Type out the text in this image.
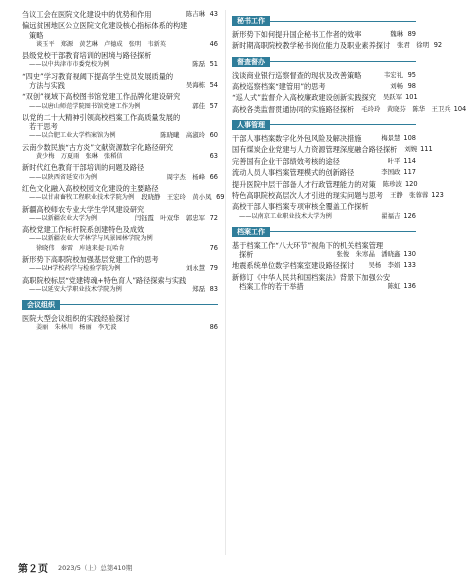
刍议工会在医院文化建设中的优势和作用	陈吉琳 43
偏远贫困地区公立医院文化建设核心指标体系的构建
策略
谈玉平　郑源　黄艺琳　卢德成　张明　韦新英	46
县级党校干部教育培训的困境与路径探析
——以中共津市市委党校为例	陈磊 51
“四史”学习教育视阈下提高学生党员发展质量的
方法与实践	吴海栋 54
“双创”视域下高校图书馆党建工作品牌化建设研究
——以唐山师范学院图书馆党建工作为例	郭佳 57
以党的二十大精神引领高校档案工作高质量发展的
若干思考
——以合肥工业大学档案馆为例	陈晓曦　高淑玲 60
云南少数民族“古方炎”文献资源数字化路径研究
黄少梅　万夏雨　张琳　张稻信	63
新时代红色教育干部培训的问题及路径
——以陕西省延安市为例	周宇杰　杨峰 66
红色文化融入高校校园文化建设的主要路径
——以甘肃畜牧工程职业技术学院为例 段晓静　王宏玲　黄小凤 69
新疆高校师农专业大学生学风建设研究
——以新疆农业大学为例	闫钰霞　叶双华　郭忠军 72
高校党建工作标杆院系创建特色及成效
——以新疆农业大学林学与风景园林学院为例
徐晓伟　秦雷　库迪来提·瓦哈肯	76
新形势下高职院校加强基层党建工作的思考
——以H学校药学与检验学院为例	刘永慧 79
高职院校标层“党建铸魂+特色育人”路径探索与实践
——以延安大学职业技术学院为例	郑磊 83
会议组织
医院大型会议组织的实践经验探讨
姜丽　朱林川　杨丽　李无波	86
秘书工作
新形势下如何提升国企秘书工作者的效率	魏琳 89
新时期高职院校教学秘书岗位能力及职业素养探讨 张君　徐明 92
督查督办
浅谈商业银行巡察督查的现状及改善策略	韦宏礼 95
高校巡察档案“建管用”的思考	刘畅 98
“巡人式”监督介入高校廉政建设创新实践探究 吴跃军 101
高校各类监督贯通协同的实施路径探析 毛玲玲　黄晓芬　陈华　王卫兵 104
人事管理
干部人事档案数字化外包风险及解决措施	梅景慧 108
国有煤炭企业党建与人力资源管理深度融合路径探析 刘婉 111
完善国有企业干部绩效考核的途径	叶平 114
流动人员人事档案管理模式的创新路径	李国政 117
提升医院中层干部备人才行政管理能力的对策 陈珍波 120
特色高职院校高层次人才引进的现实问题与思考 王静　张蓉蓉 123
高校干部人事档案专项审核全覆盖工作探析
——以南京工业职业技术大学为例	翟福吉 126
档案工作
基于档案工作“八大环节”视角下的机关档案管理
探析	张俊　朱寒晶　潘晓鑫 130
地震系统单位数字档案室建设路径探讨 吴杨　李娟 133
新修订《中华人民共和国档案法》背景下加强公安
档案工作的若干举措	陈虹 136
第２页 2023/5（上）总第410期
